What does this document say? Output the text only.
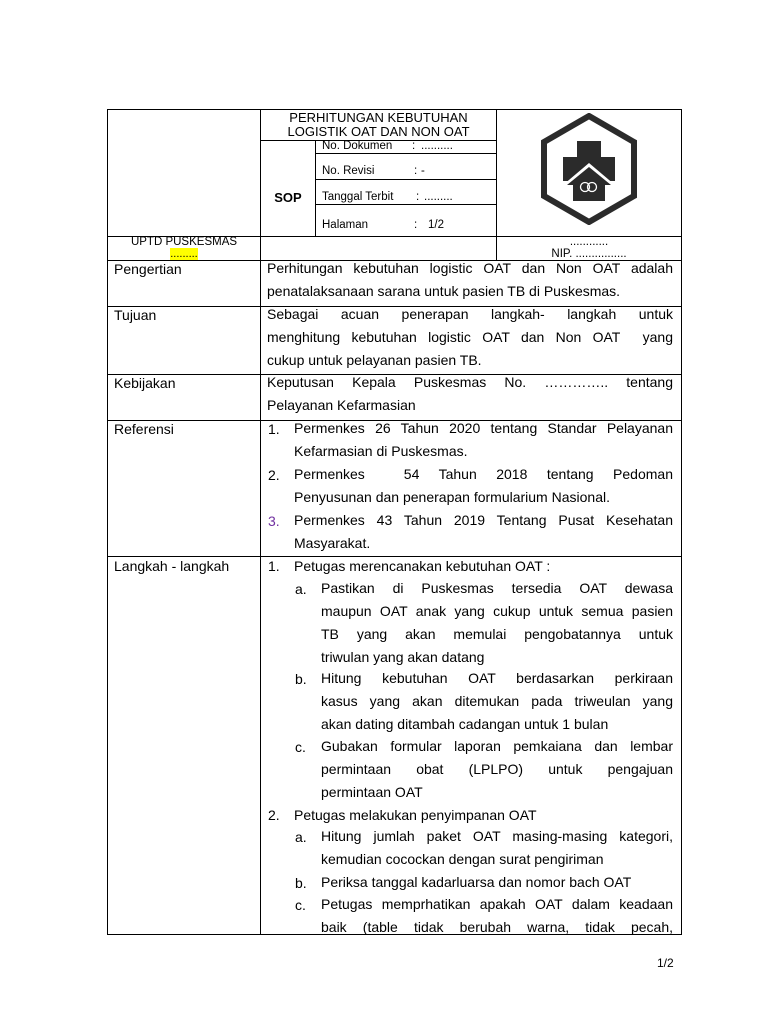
PERHITUNGAN KEBUTUHAN
LOGISTIK OAT DAN NON OAT
SOP
No. Dokumen : ..........
No. Revisi	: -
Tanggal Terbit : .........
Halaman	: 1/2
UPTD PUSKESMAS
.........
............
NIP. ................
Pengertian	Perhitungan kebutuhan logistic OAT dan Non OAT adalah
penatalaksanaan sarana untuk pasien TB di Puskesmas.
Tujuan	Sebagai acuan penerapan langkah- langkah untuk
menghitung kebutuhan logistic OAT dan Non OAT  yang
cukup untuk pelayanan pasien TB.
Kebijakan	Keputusan Kepala Puskesmas No. ………….. tentang
Pelayanan Kefarmasian
Referensi	1. Permenkes 26 Tahun 2020 tentang Standar Pelayanan
Kefarmasian di Puskesmas.
2. Permenkes  54 Tahun 2018 tentang Pedoman
Penyusunan dan penerapan formularium Nasional.
3. Permenkes 43 Tahun 2019 Tentang Pusat Kesehatan
Masyarakat.
Langkah - langkah	1. Petugas merencanakan kebutuhan OAT :
a. Pastikan di Puskesmas tersedia OAT dewasa
maupun OAT anak yang cukup untuk semua pasien
TB yang akan memulai pengobatannya untuk
triwulan yang akan datang
b. Hitung kebutuhan OAT berdasarkan perkiraan
kasus yang akan ditemukan pada triweulan yang
akan dating ditambah cadangan untuk 1 bulan
c. Gubakan formular laporan pemkaiana dan lembar
permintaan obat (LPLPO) untuk pengajuan
permintaan OAT
2. Petugas melakukan penyimpanan OAT
a. Hitung jumlah paket OAT masing-masing kategori,
kemudian cocockan dengan surat pengiriman
b. Periksa tanggal kadarluarsa dan nomor bach OAT
c. Petugas memprhatikan apakah OAT dalam keadaan
baik (table tidak berubah warna, tidak pecah,
1/2
